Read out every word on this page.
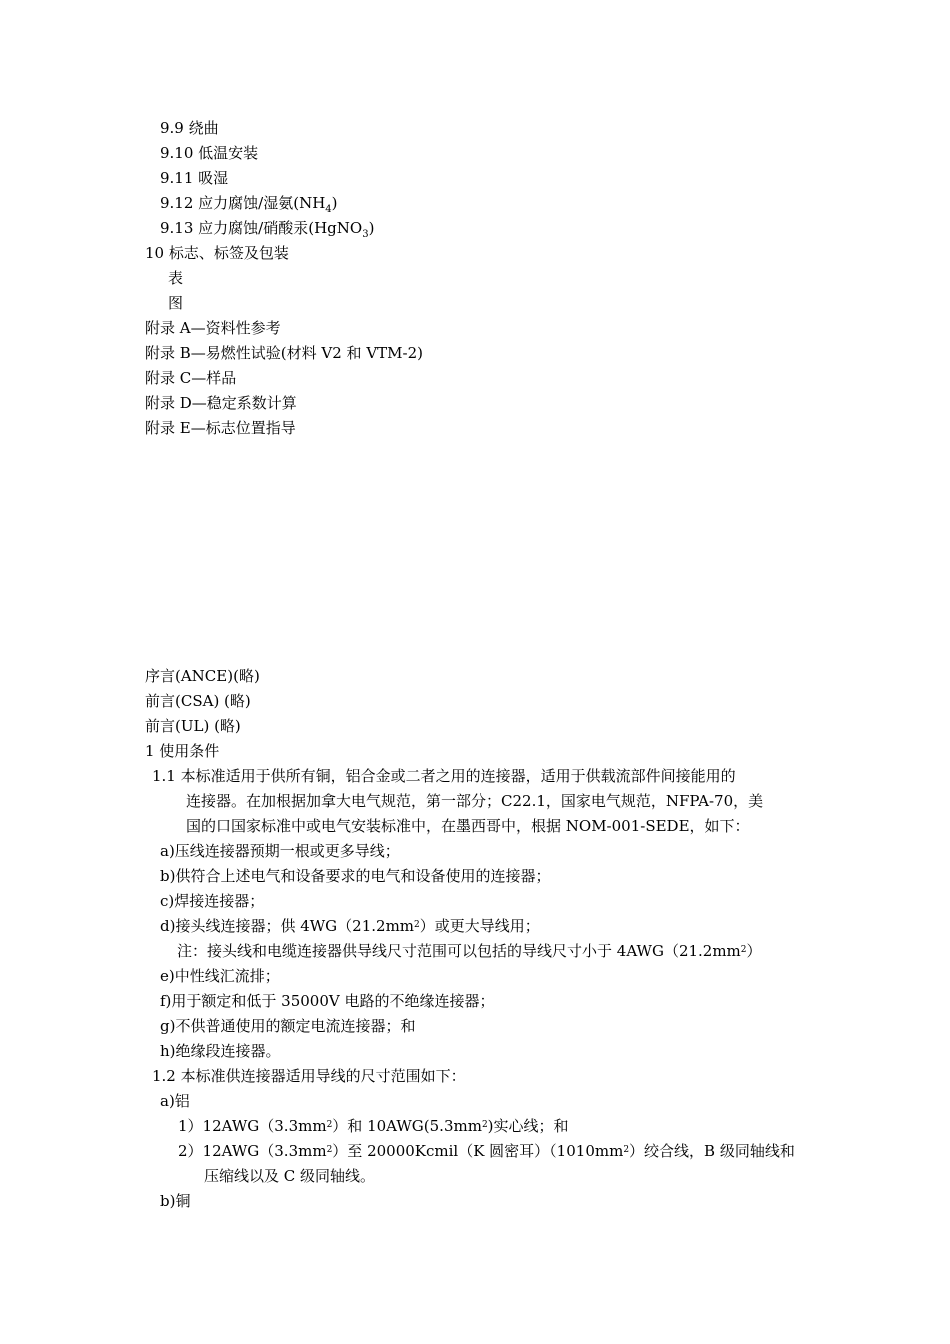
9.9 绕曲
9.10 低温安装
9.11 吸湿
9.12 应力腐蚀/湿氨$(NH_4)$
9.13 应力腐蚀/硝酸汞(HgNO$_3$)
10 标志、标签及包装
表
图
附录 A—资料性参考
附录 B—易燃性试验(材料 V2 和 VTM-2)
附录 C—样品
附录 D—稳定系数计算
附录 E—标志位置指导
序言(ANCE)(略)
前言(CSA) (略)
前言(UL) (略)
1 使用条件
1.1 本标准适用于供所有铜，铝合金或二者之用的连接器，适用于供载流部件间接能用的
连接器。在加根据加拿大电气规范，第一部分；C22.1，国家电气规范，NFPA-70，美
国的口国家标准中或电气安装标准中，在墨西哥中，根据 NOM-001-SEDE，如下：
a)压线连接器预期一根或更多导线；
b)供符合上述电气和设备要求的电气和设备使用的连接器；
c)焊接连接器；
d)接头线连接器；供 $4WG(21.2mm^2)$或更大导线用；
注：接头线和电缆连接器供导线尺寸范围可以包括的导线尺寸小于 $4AWG(21.2mm^2)$
e)中性线汇流排；
f)用于额定和低于 35000V 电路的不绝缘连接器；
g)不供普通使用的额定电流连接器；和
h)绝缘段连接器。
1.2 本标准供连接器适用导线的尺寸范围如下：
a)铝
$1)12AWG(3.3mm^2)$和 $10AWG(5.3mm^2)$实心线；和
$2)12AWG(3.3mm^2)$至 20000Kcmil（K 圆密耳）$(1010mm^2)$绞合线，B 级同轴线和
压缩线以及 C 级同轴线。
b)铜
